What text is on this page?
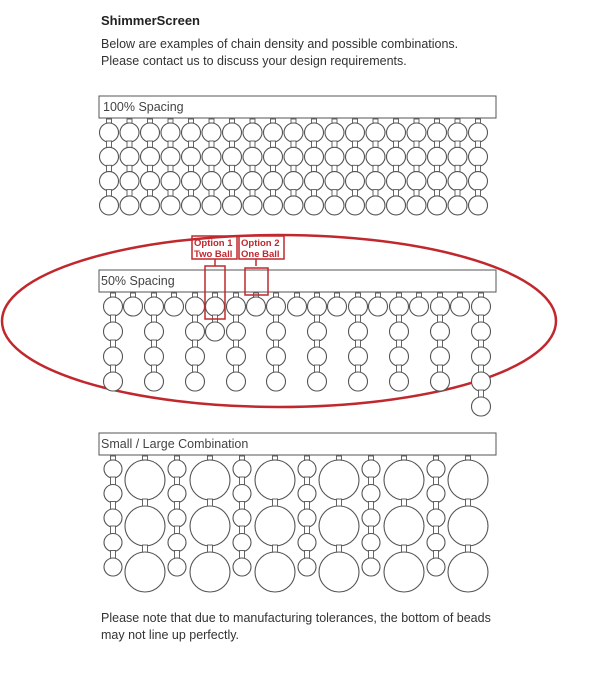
ShimmerScreen
Below are examples of chain density and possible combinations.
Please contact us to discuss your design requirements.
100% Spacing
50% Spacing
Option 1
Two Ball
Option 2
One Ball
Small / Large Combination
Please note that due to manufacturing tolerances, the bottom of beads
may not line up perfectly.
